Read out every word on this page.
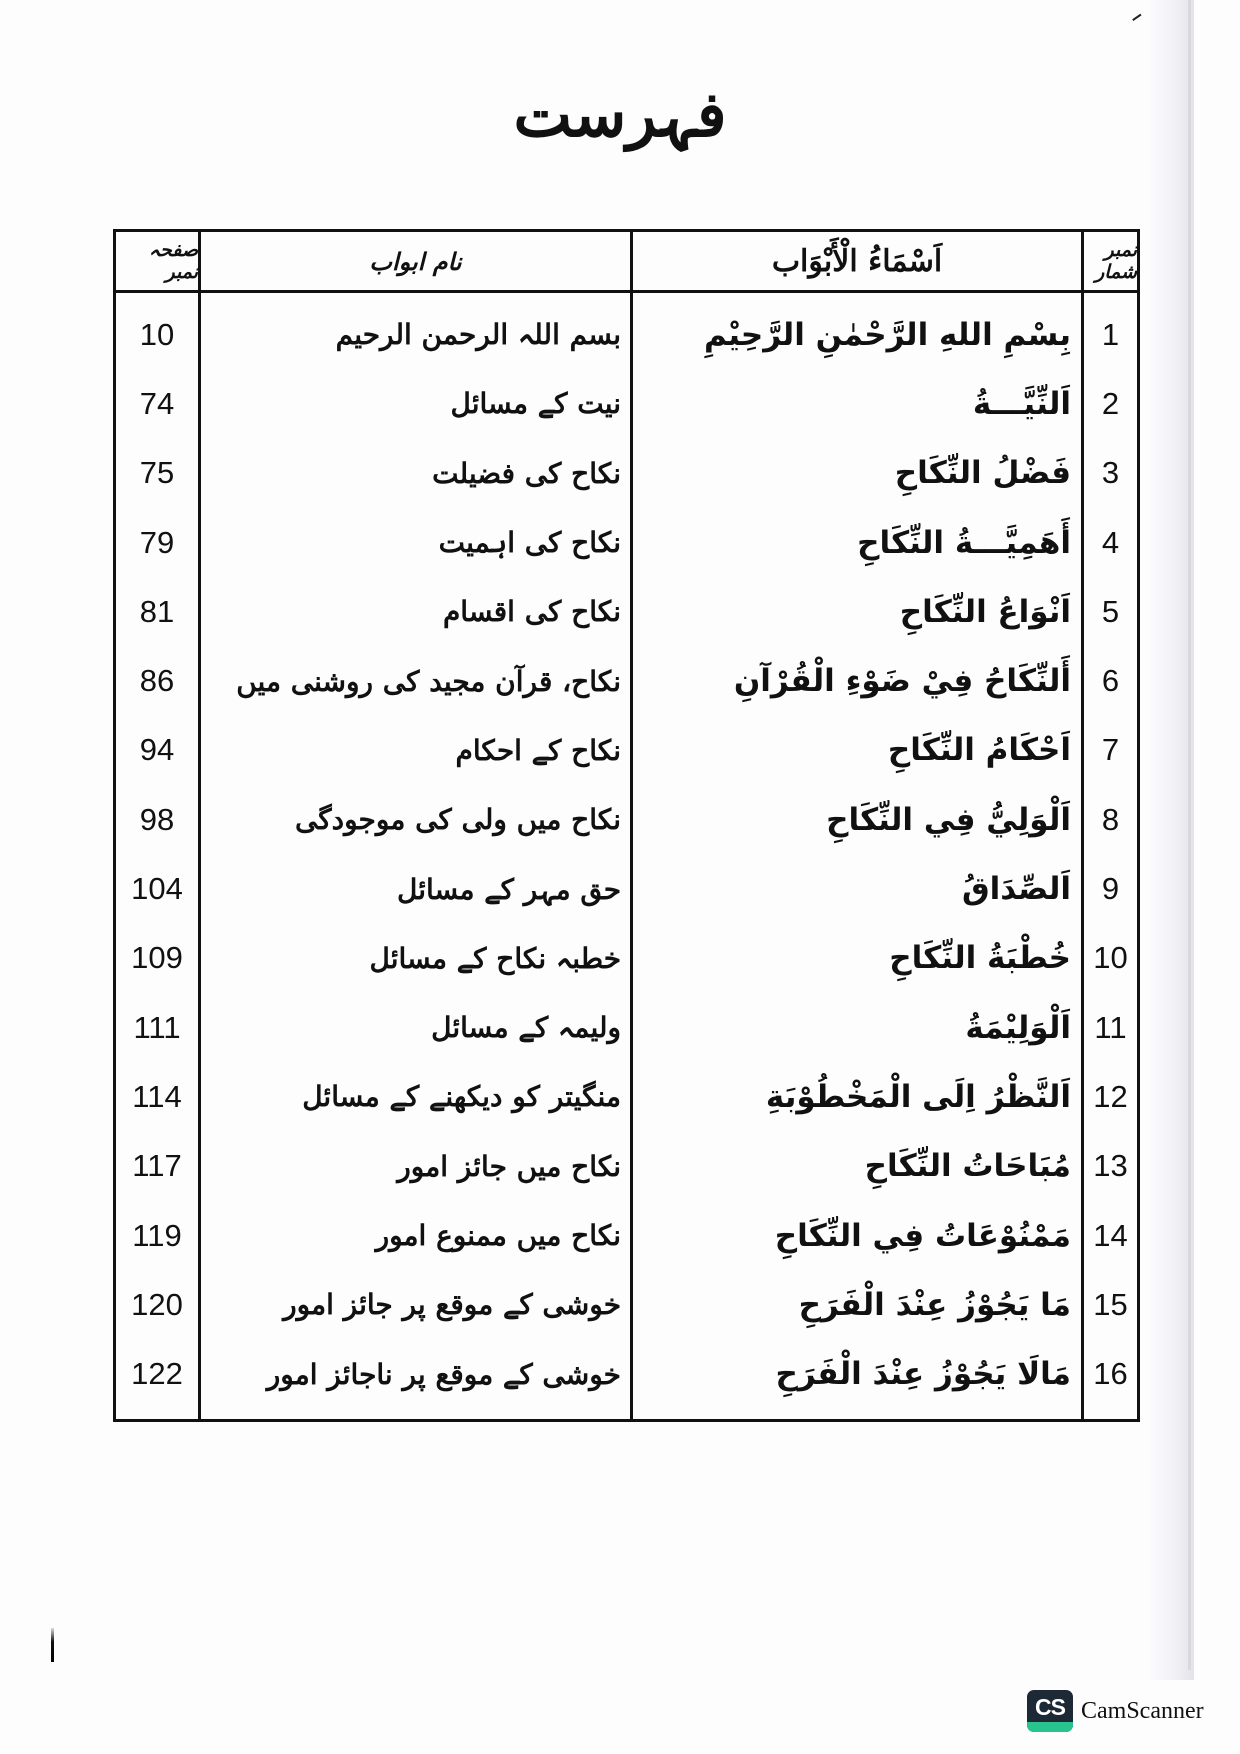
فہرست
صفحہ نمبر	نام ابواب	اَسْمَاءُ الْأَبْوَاب	نمبر شمار
10	بسم اللہ الرحمن الرحیم	بِسْمِ اللهِ الرَّحْمٰنِ الرَّحِيْمِ 1
74	نیت کے مسائل	اَلنِّيَّـــةُ 2
75	نکاح کی فضیلت	فَضْلُ النِّكَاحِ 3
79	نکاح کی اہمیت	أَهَمِيَّـــةُ النِّكَاحِ 4
81	نکاح کی اقسام	اَنْوَاعُ النِّكَاحِ 5
86	نکاح، قرآن مجید کی روشنی میں	أَلنِّكَاحُ فِيْ ضَوْءِ الْقُرْآنِ 6
94	نکاح کے احکام	اَحْكَامُ النِّكَاحِ 7
98	نکاح میں ولی کی موجودگی	اَلْوَلِيُّ فِي النِّكَاحِ 8
104	حق مہر کے مسائل	اَلصِّدَاقُ 9
109	خطبہ نکاح کے مسائل	خُطْبَةُ النِّكَاحِ 10
111	ولیمہ کے مسائل	اَلْوَلِيْمَةُ 11
114	منگیتر کو دیکھنے کے مسائل	اَلنَّظْرُ اِلَى الْمَخْطُوْبَةِ 12
117	نکاح میں جائز امور	مُبَاحَاتُ النِّكَاحِ 13
119	نکاح میں ممنوع امور	مَمْنُوْعَاتُ فِي النِّكَاحِ 14
120	خوشی کے موقع پر جائز امور	مَا يَجُوْزُ عِنْدَ الْفَرَحِ 15
122	خوشی کے موقع پر ناجائز امور	مَالَا يَجُوْزُ عِنْدَ الْفَرَحِ 16
CS CamScanner
